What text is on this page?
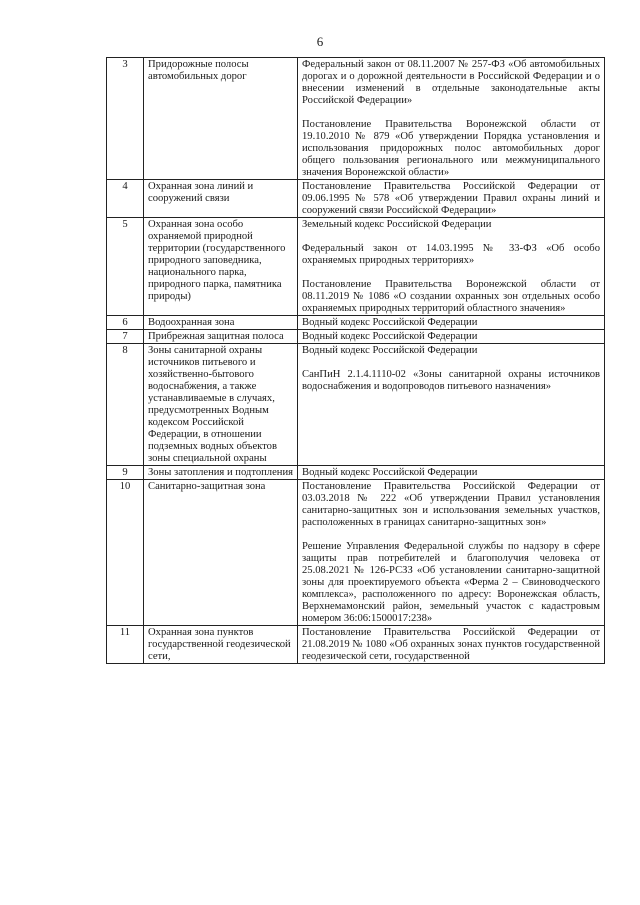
6
3	Придорожные полосы автомобильных дорог	Федеральный закон от 08.11.2007 № 257-ФЗ «Об автомобильных дорогах и о дорожной деятельности в Российской Федерации и о внесении изменений в отдельные законодательные акты Российской Федерации»

Постановление Правительства Воронежской области от 19.10.2010 № 879 «Об утверждении Порядка установления и использования придорожных полос автомобильных дорог общего пользования регионального или межмуниципального значения Воронежской области»

4	Охранная зона линий и сооружений связи	Постановление Правительства Российской Федерации от 09.06.1995 № 578 «Об утверждении Правил охраны линий и сооружений связи Российской Федерации»

5	Охранная зона особо охраняемой природной территории (государственного природного заповедника, национального парка, природного парка, памятника природы)	Земельный кодекс Российской Федерации

Федеральный закон от 14.03.1995 № 33-ФЗ «Об особо охраняемых природных территориях»

Постановление Правительства Воронежской области от 08.11.2019 № 1086 «О создании охранных зон отдельных особо охраняемых природных территорий областного значения»

6	Водоохранная зона	Водный кодекс Российской Федерации

7	Прибрежная защитная полоса	Водный кодекс Российской Федерации

8	Зоны санитарной охраны источников питьевого и хозяйственно-бытового водоснабжения, а также устанавливаемые в случаях, предусмотренных Водным кодексом Российской Федерации, в отношении подземных водных объектов зоны специальной охраны	Водный кодекс Российской Федерации

СанПиН 2.1.4.1110-02 «Зоны санитарной охраны источников водоснабжения и водопроводов питьевого назначения»

9	Зоны затопления и подтопления	Водный кодекс Российской Федерации

10	Санитарно-защитная зона	Постановление Правительства Российской Федерации от 03.03.2018 № 222 «Об утверждении Правил установления санитарно-защитных зон и использования земельных участков, расположенных в границах санитарно-защитных зон»

Решение Управления Федеральной службы по надзору в сфере защиты прав потребителей и благополучия человека от 25.08.2021 № 126-РСЗЗ «Об установлении санитарно-защитной зоны для проектируемого объекта «Ферма 2 – Свиноводческого комплекса», расположенного по адресу: Воронежская область, Верхнемамонский район, земельный участок с кадастровым номером 36:06:1500017:238»

11	Охранная зона пунктов государственной геодезической сети,	Постановление Правительства Российской Федерации от 21.08.2019 № 1080 «Об охранных зонах пунктов государственной геодезической сети, государственной
